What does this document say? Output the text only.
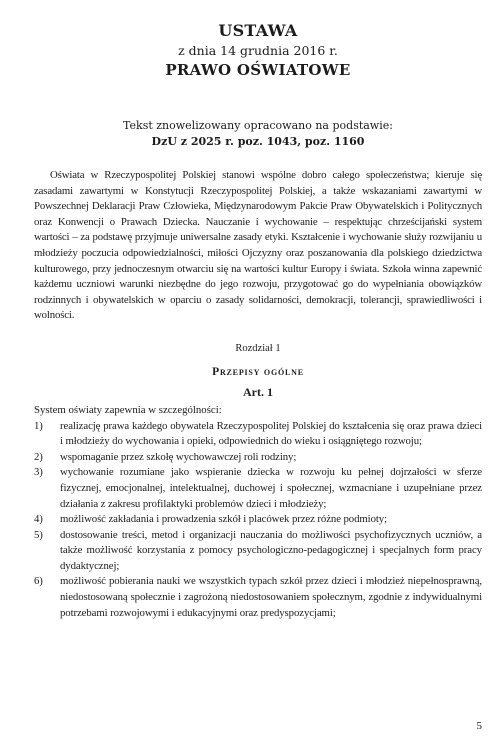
USTAWA
z dnia 14 grudnia 2016 r.
PRAWO OŚWIATOWE
Tekst znowelizowany opracowano na podstawie:
DzU z 2025 r. poz. 1043, poz. 1160

Oświata w Rzeczypospolitej Polskiej stanowi wspólne dobro całego społeczeństwa; kieruje się zasadami zawartymi w Konstytucji Rzeczypospolitej Polskiej, a także wskazaniami zawartymi w Powszechnej Deklaracji Praw Człowieka, Międzynarodowym Pakcie Praw Obywatelskich i Politycznych oraz Konwencji o Prawach Dziecka. Nauczanie i wychowanie – respektując chrześcijański system wartości – za podstawę przyjmuje uniwersalne zasady etyki. Kształcenie i wychowanie służy rozwijaniu u młodzieży poczucia odpowiedzialności, miłości Ojczyzny oraz poszanowania dla polskiego dziedzictwa kulturowego, przy jednoczesnym otwarciu się na wartości kultur Europy i świata. Szkoła winna zapewnić każdemu uczniowi warunki niezbędne do jego rozwoju, przygotować go do wypełniania obowiązków rodzinnych i obywatelskich w oparciu o zasady solidarności, demokracji, tolerancji, sprawiedliwości i wolności.

Rozdział 1
Przepisy ogólne
Art. 1
System oświaty zapewnia w szczególności:
1) realizację prawa każdego obywatela Rzeczypospolitej Polskiej do kształcenia się oraz prawa dzieci i młodzieży do wychowania i opieki, odpowiednich do wieku i osiągniętego rozwoju;
2) wspomaganie przez szkołę wychowawczej roli rodziny;
3) wychowanie rozumiane jako wspieranie dziecka w rozwoju ku pełnej dojrzałości w sferze fizycznej, emocjonalnej, intelektualnej, duchowej i społecznej, wzmacniane i uzupełniane przez działania z zakresu profilaktyki problemów dzieci i młodzieży;
4) możliwość zakładania i prowadzenia szkół i placówek przez różne podmioty;
5) dostosowanie treści, metod i organizacji nauczania do możliwości psychofizycznych uczniów, a także możliwość korzystania z pomocy psychologiczno-pedagogicznej i specjalnych form pracy dydaktycznej;
6) możliwość pobierania nauki we wszystkich typach szkół przez dzieci i młodzież niepełnosprawną, niedostosowaną społecznie i zagrożoną niedostosowaniem społecznym, zgodnie z indywidualnymi potrzebami rozwojowymi i edukacyjnymi oraz predyspozycjami;
5
